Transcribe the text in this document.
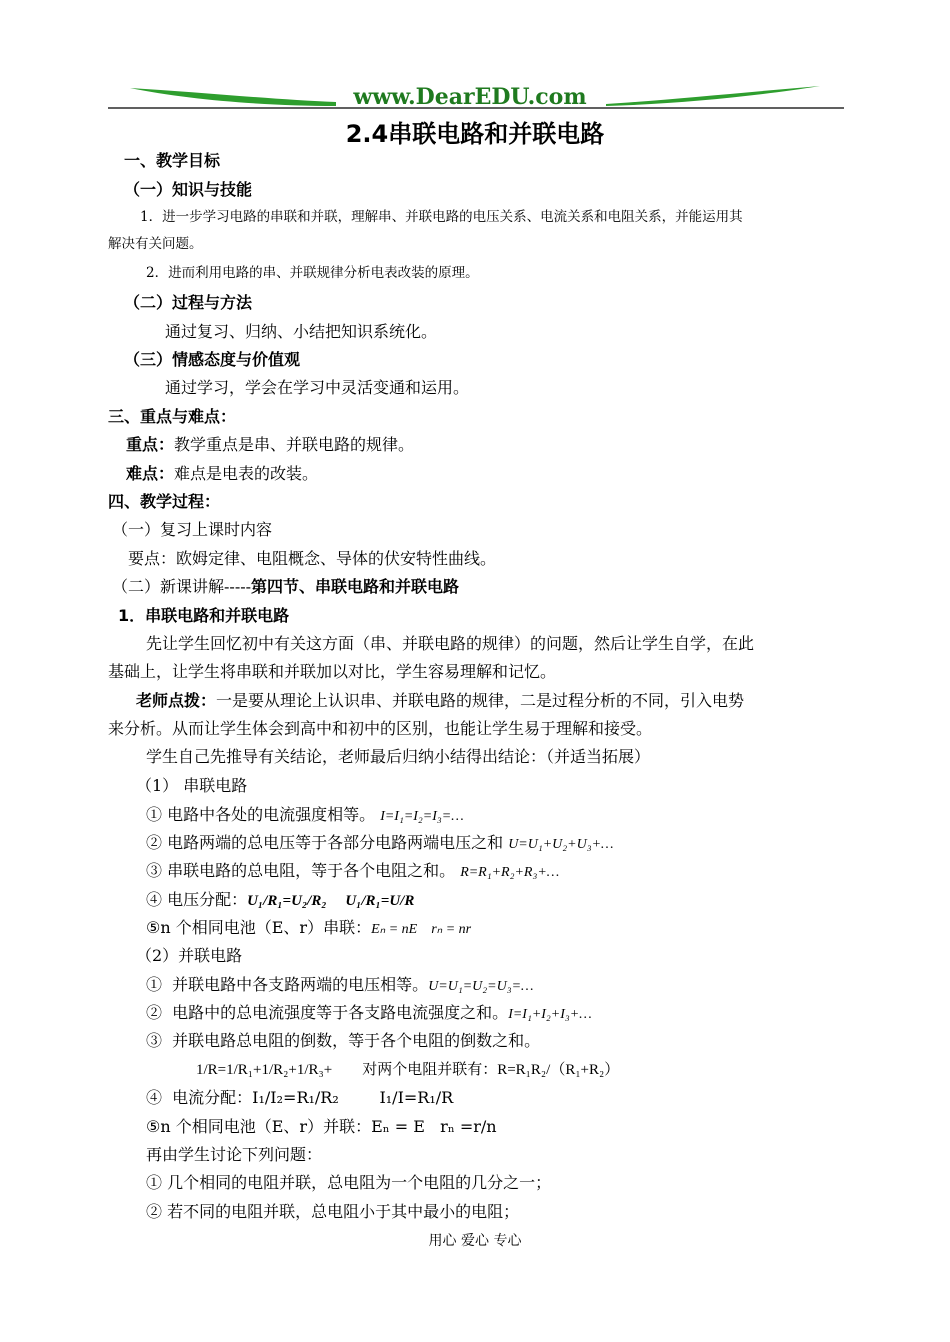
www.DearEDU.com
2.4串联电路和并联电路
一、教学目标
（一）知识与技能
1．进一步学习电路的串联和并联，理解串、并联电路的电压关系、电流关系和电阻关系，并能运用其
解决有关问题。
2．进而利用电路的串、并联规律分析电表改装的原理。
（二）过程与方法
通过复习、归纳、小结把知识系统化。
（三）情感态度与价值观
通过学习，学会在学习中灵活变通和运用。
三、重点与难点：
重点：教学重点是串、并联电路的规律。
难点：难点是电表的改装。
四、教学过程：
（一）复习上课时内容
要点：欧姆定律、电阻概念、导体的伏安特性曲线。
（二）新课讲解-----第四节、串联电路和并联电路
1．串联电路和并联电路
先让学生回忆初中有关这方面（串、并联电路的规律）的问题，然后让学生自学，在此
基础上，让学生将串联和并联加以对比，学生容易理解和记忆。
老师点拨：一是要从理论上认识串、并联电路的规律，二是过程分析的不同，引入电势
来分析。从而让学生体会到高中和初中的区别，也能让学生易于理解和接受。
学生自己先推导有关结论，老师最后归纳小结得出结论：（并适当拓展）
（1） 串联电路
① 电路中各处的电流强度相等。 I=I₁=I₂=I₃=…
② 电路两端的总电压等于各部分电路两端电压之和 U=U₁+U₂+U₃+…
③ 串联电路的总电阻，等于各个电阻之和。 R=R₁+R₂+R₃+…
④ 电压分配：U₁/R₁=U₂/R₂     U₁/R₁=U/R
⑤n 个相同电池（E、r）串联：Eₙ = nE    rₙ = nr
（2）并联电路
①  并联电路中各支路两端的电压相等。U=U₁=U₂=U₃=…
②  电路中的总电流强度等于各支路电流强度之和。I=I₁+I₂+I₃+…
③  并联电路总电阻的倒数，等于各个电阻的倒数之和。
1/R=1/R₁+1/R₂+1/R₃+        对两个电阻并联有：R=R₁R₂/（R₁+R₂）
④  电流分配：I₁/I₂=R₁/R₂        I₁/I=R₁/R
⑤n 个相同电池（E、r）并联：Eₙ = E   rₙ =r/n
再由学生讨论下列问题：
① 几个相同的电阻并联，总电阻为一个电阻的几分之一；
② 若不同的电阻并联，总电阻小于其中最小的电阻；
用心 爱心 专心
